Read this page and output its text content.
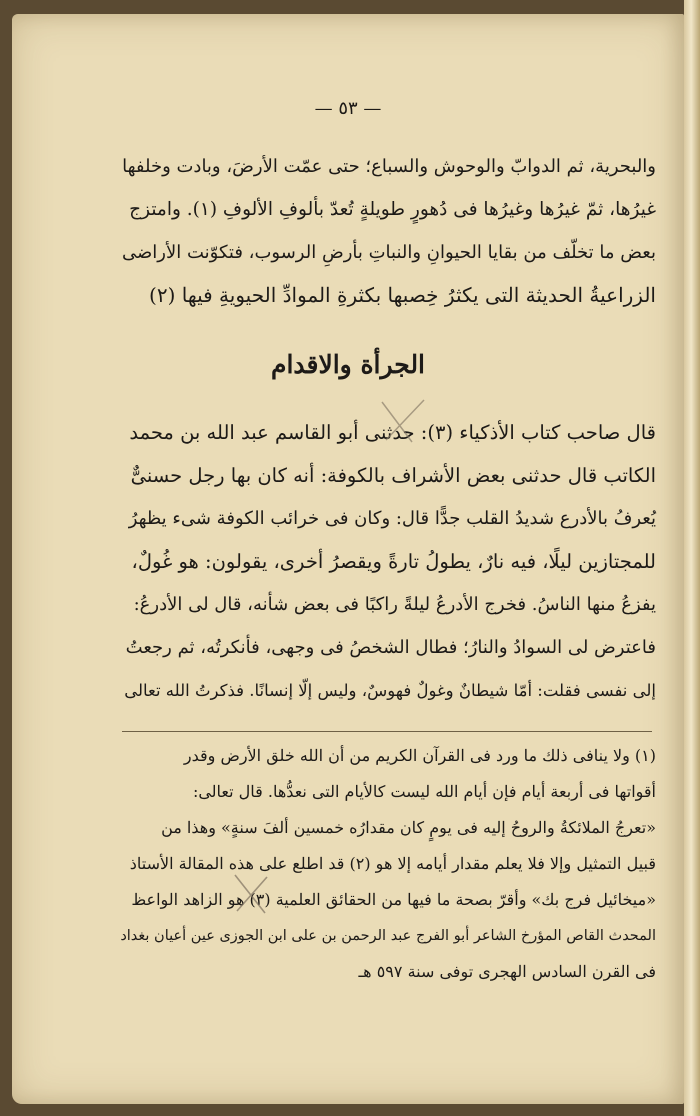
— ٥٣ —
والبحرية، ثم الدوابّ والوحوش والسباع؛ حتى عمّت الأرضَ، وبادت وخلفها
غيرُها، ثمّ غيرُها وغيرُها فى دُهورٍ طويلةٍ تُعدّ بألوفِ الألوفِ (١). وامتزج
بعض ما تخلّف من بقايا الحيوانِ والنباتِ بأرضِ الرسوب، فتكوّنت الأراضى
الزراعيةُ الحديثة التى يكثرُ خِصبها بكثرةِ الموادِّ الحيويةِ فيها (٢)
الجرأة والاقدام
قال صاحب كتاب الأذكياء (٣): حدثنى أبو القاسم عبد الله بن محمد
الكاتب قال حدثنى بعض الأشراف بالكوفة: أنه كان بها رجل حسنىٌّ
يُعرفُ بالأدرع شديدُ القلب جدًّا قال: وكان فى خرائب الكوفة شىء يظهرُ
للمجتازين ليلًا، فيه نارٌ، يطولُ تارةً ويقصرُ أخرى، يقولون: هو غُولٌ،
يفزعُ منها الناسُ. فخرج الأدرعُ ليلةً راكبًا فى بعض شأنه، قال لى الأدرعُ:
فاعترض لى السوادُ والنارُ؛ فطال الشخصُ فى وجهى، فأنكرتُه، ثم رجعتُ
إلى نفسى فقلت: أمّا شيطانٌ وغولٌ فهوسٌ، وليس إلّا إنسانًا. فذكرتُ الله تعالى
(١) ولا ينافى ذلك ما ورد فى القرآن الكريم من أن الله خلق الأرض وقدر
أقواتها فى أربعة أيام فإن أيام الله ليست كالأيام التى نعدُّها. قال تعالى:
«تعرجُ الملائكةُ والروحُ إليه فى يومٍ كان مقدارُه خمسين ألفَ سنةٍ» وهذا من
قبيل التمثيل وإلا فلا يعلم مقدار أيامه إلا هو (٢) قد اطلع على هذه المقالة الأستاذ
«ميخائيل فرج بك» وأقرّ بصحة ما فيها من الحقائق العلمية (٣) هو الزاهد الواعظ
المحدث القاص المؤرخ الشاعر أبو الفرج عبد الرحمن بن على ابن الجوزى عين أعيان بغداد
فى القرن السادس الهجرى توفى سنة ٥٩٧ هـ
